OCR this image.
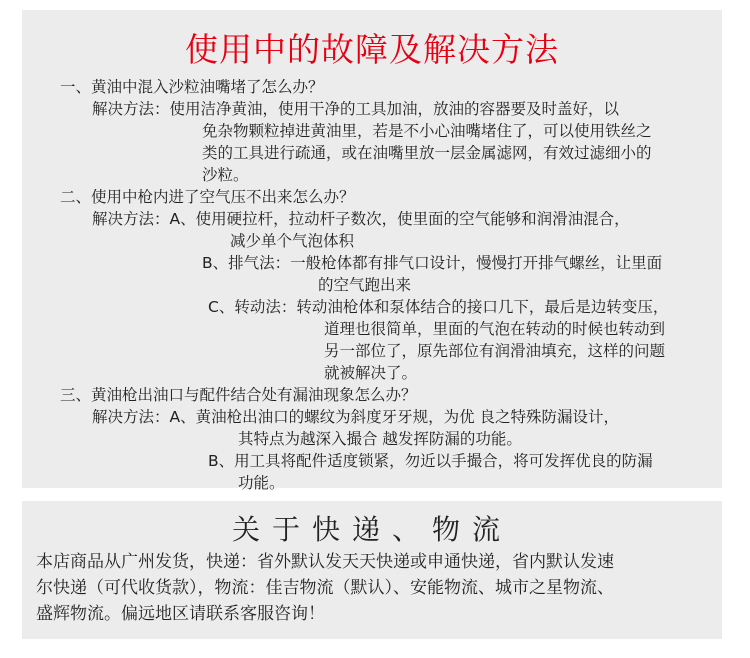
使用中的故障及解决方法
一、黄油中混入沙粒油嘴堵了怎么办？
解决方法：使用洁净黄油，使用干净的工具加油，放油的容器要及时盖好，以
免杂物颗粒掉进黄油里，若是不小心油嘴堵住了，可以使用铁丝之
类的工具进行疏通，或在油嘴里放一层金属滤网，有效过滤细小的
沙粒。
二、使用中枪内进了空气压不出来怎么办？
解决方法：A、使用硬拉杆，拉动杆子数次，使里面的空气能够和润滑油混合，
减少单个气泡体积
B、排气法：一般枪体都有排气口设计，慢慢打开排气螺丝，让里面
的空气跑出来
C、转动法：转动油枪体和泵体结合的接口几下，最后是边转变压，
道理也很简单，里面的气泡在转动的时候也转动到
另一部位了，原先部位有润滑油填充，这样的问题
就被解决了。
三、黄油枪出油口与配件结合处有漏油现象怎么办？
解决方法：A、黄油枪出油口的螺纹为斜度牙牙规，为优 良之特殊防漏设计，
其特点为越深入撮合 越发挥防漏的功能。
B、用工具将配件适度锁紧，勿近以手撮合，将可发挥优良的防漏
功能。
关于快递、物流
本店商品从广州发货，快递：省外默认发天天快递或申通快递，省内默认发速
尔快递（可代收货款），物流：佳吉物流（默认）、安能物流、城市之星物流、
盛辉物流。偏远地区请联系客服咨询！
